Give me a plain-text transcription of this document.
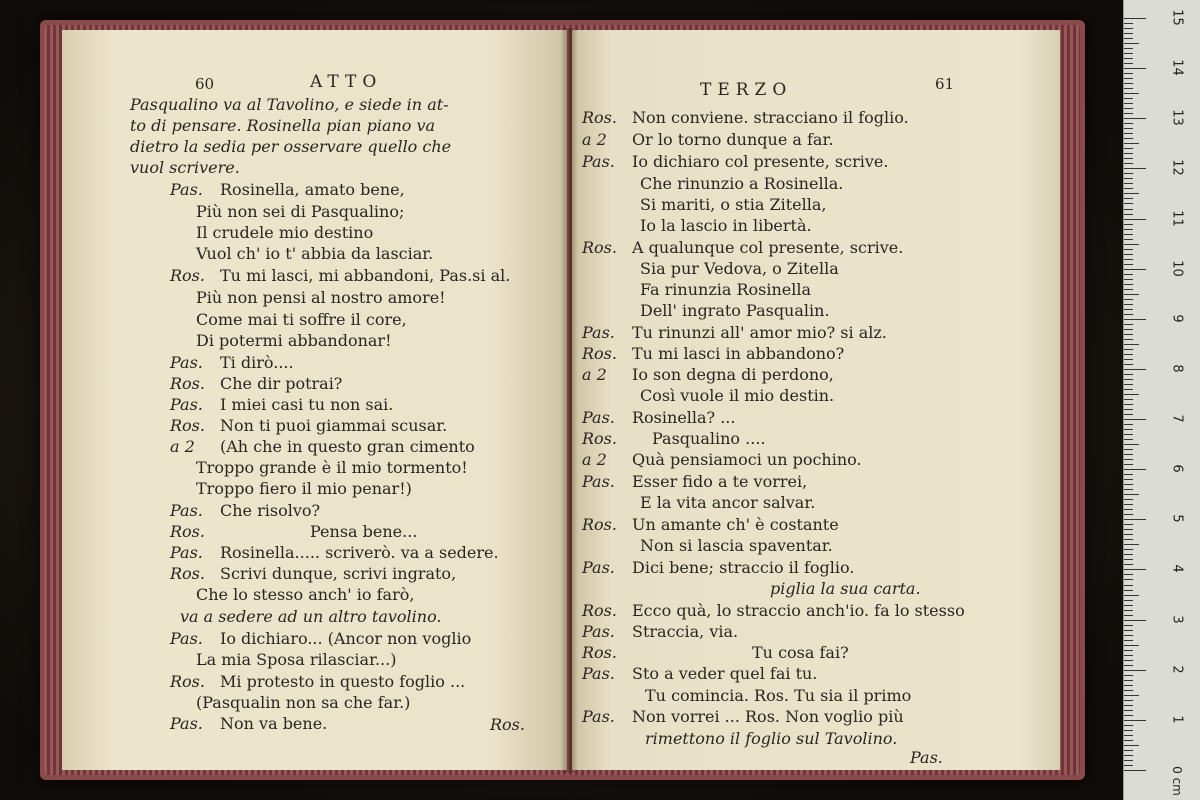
60	ATTO	61
TERZO
Ros.
Pas.
Pasqualino va al Tavolino, e siede in at-
to di pensare. Rosinella pian piano va
dietro la sedia per osservare quello che
vuol scrivere.
Pas. Rosinella, amato bene,
Più non sei di Pasqualino;
Il crudele mio destino
Vuol ch' io t' abbia da lasciar.
Ros. Tu mi lasci, mi abbandoni, Pas.si al.
Più non pensi al nostro amore!
Come mai ti soffre il core,
Di potermi abbandonar!
Pas. Ti dirò....
Ros. Che dir potrai?
Pas. I miei casi tu non sai.
Ros. Non ti puoi giammai scusar.
a 2 (Ah che in questo gran cimento
Troppo grande è il mio tormento!
Troppo fiero il mio penar!)
Pas. Che risolvo?
Ros.	Pensa bene...
Pas. Rosinella..... scriverò. va a sedere.
Ros. Scrivi dunque, scrivi ingrato,
Che lo stesso anch' io farò,
va a sedere ad un altro tavolino.
Pas. Io dichiaro... (Ancor non voglio
La mia Sposa rilasciar...)
Ros. Mi protesto in questo foglio ...
(Pasqualin non sa che far.)
Pas. Non va bene.
Ros. Non conviene. stracciano il foglio.
a 2 Or lo torno dunque a far.
Pas. Io dichiaro col presente, scrive.
Che rinunzio a Rosinella.
Si mariti, o stia Zitella,
Io la lascio in libertà.
Ros. A qualunque col presente, scrive.
Sia pur Vedova, o Zitella
Fa rinunzia Rosinella
Dell' ingrato Pasqualin.
Pas. Tu rinunzi all' amor mio? si alz.
Ros. Tu mi lasci in abbandono?
a 2 Io son degna di perdono,
Così vuole il mio destin.
Pas. Rosinella? ...
Ros. Pasqualino ....
a 2 Quà pensiamoci un pochino.
Pas. Esser fido a te vorrei,
E la vita ancor salvar.
Ros. Un amante ch' è costante
Non si lascia spaventar.
Pas. Dici bene; straccio il foglio.
piglia la sua carta.
Ros. Ecco quà, lo straccio anch'io. fa lo stesso
Pas. Straccia, via.
Ros.	Tu cosa fai?
Pas. Sto a veder quel fai tu.
Tu comincia. Ros. Tu sia il primo
Pas. Non vorrei ... Ros. Non voglio più
rimettono il foglio sul Tavolino.
15
14
13
12
11
10
9
8
7
6
5
4
3
2
1
0 cm
